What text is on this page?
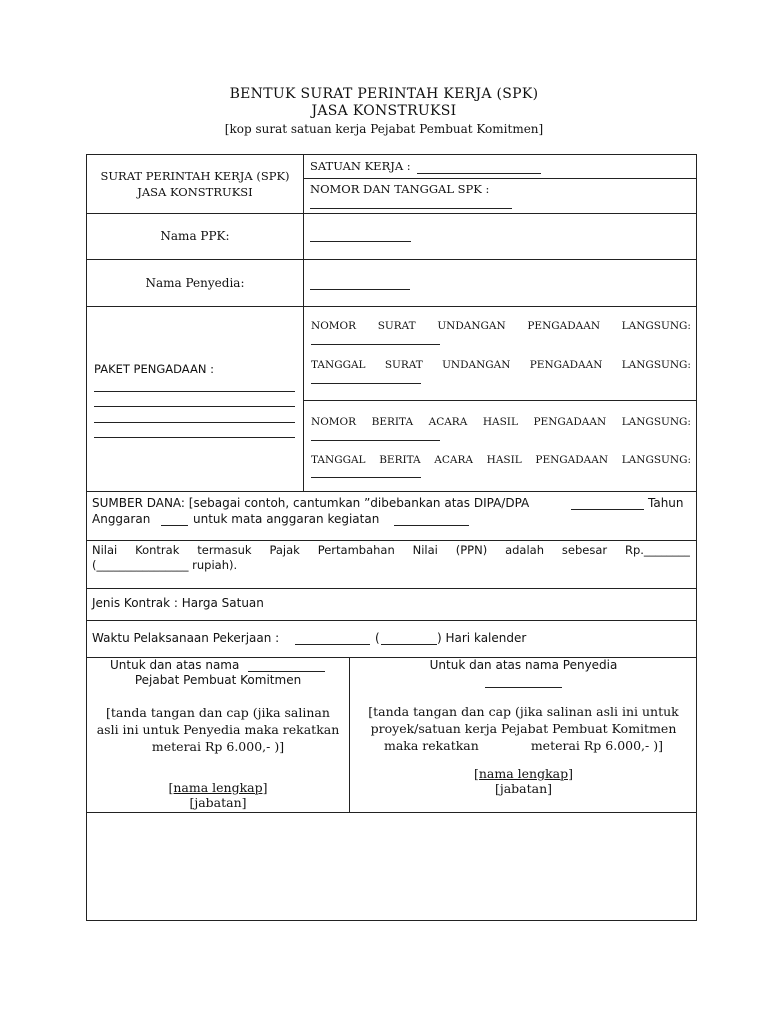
BENTUK SURAT PERINTAH KERJA (SPK)
JASA KONSTRUKSI
[kop surat satuan kerja Pejabat Pembuat Komitmen]
SURAT PERINTAH KERJA (SPK)
JASA KONSTRUKSI
SATUAN KERJA :
NOMOR DAN TANGGAL SPK :
Nama PPK:
Nama Penyedia:
PAKET PENGADAAN :
NOMOR SURAT UNDANGAN PENGADAAN LANGSUNG:
TANGGAL SURAT UNDANGAN PENGADAAN LANGSUNG:
NOMOR BERITA ACARA HASIL PENGADAAN LANGSUNG:
TANGGAL BERITA ACARA HASIL PENGADAAN LANGSUNG:
SUMBER DANA: [sebagai contoh, cantumkan ”dibebankan atas DIPA/DPA	Tahun
Anggaran	untuk mata anggaran kegiatan
Nilai Kontrak termasuk Pajak Pertambahan Nilai (PPN) adalah sebesar Rp.________
(________________ rupiah).
Jenis Kontrak : Harga Satuan
Waktu Pelaksanaan Pekerjaan :	(	) Hari kalender
Untuk dan atas nama
Pejabat Pembuat Komitmen
[tanda tangan dan cap (jika salinan
asli ini untuk Penyedia maka rekatkan
meterai Rp 6.000,- )]
[nama lengkap]
[jabatan]
Untuk dan atas nama Penyedia
[tanda tangan dan cap (jika salinan asli ini untuk
proyek/satuan kerja Pejabat Pembuat Komitmen
maka rekatkan	meterai Rp 6.000,- )]
[nama lengkap]
[jabatan]
